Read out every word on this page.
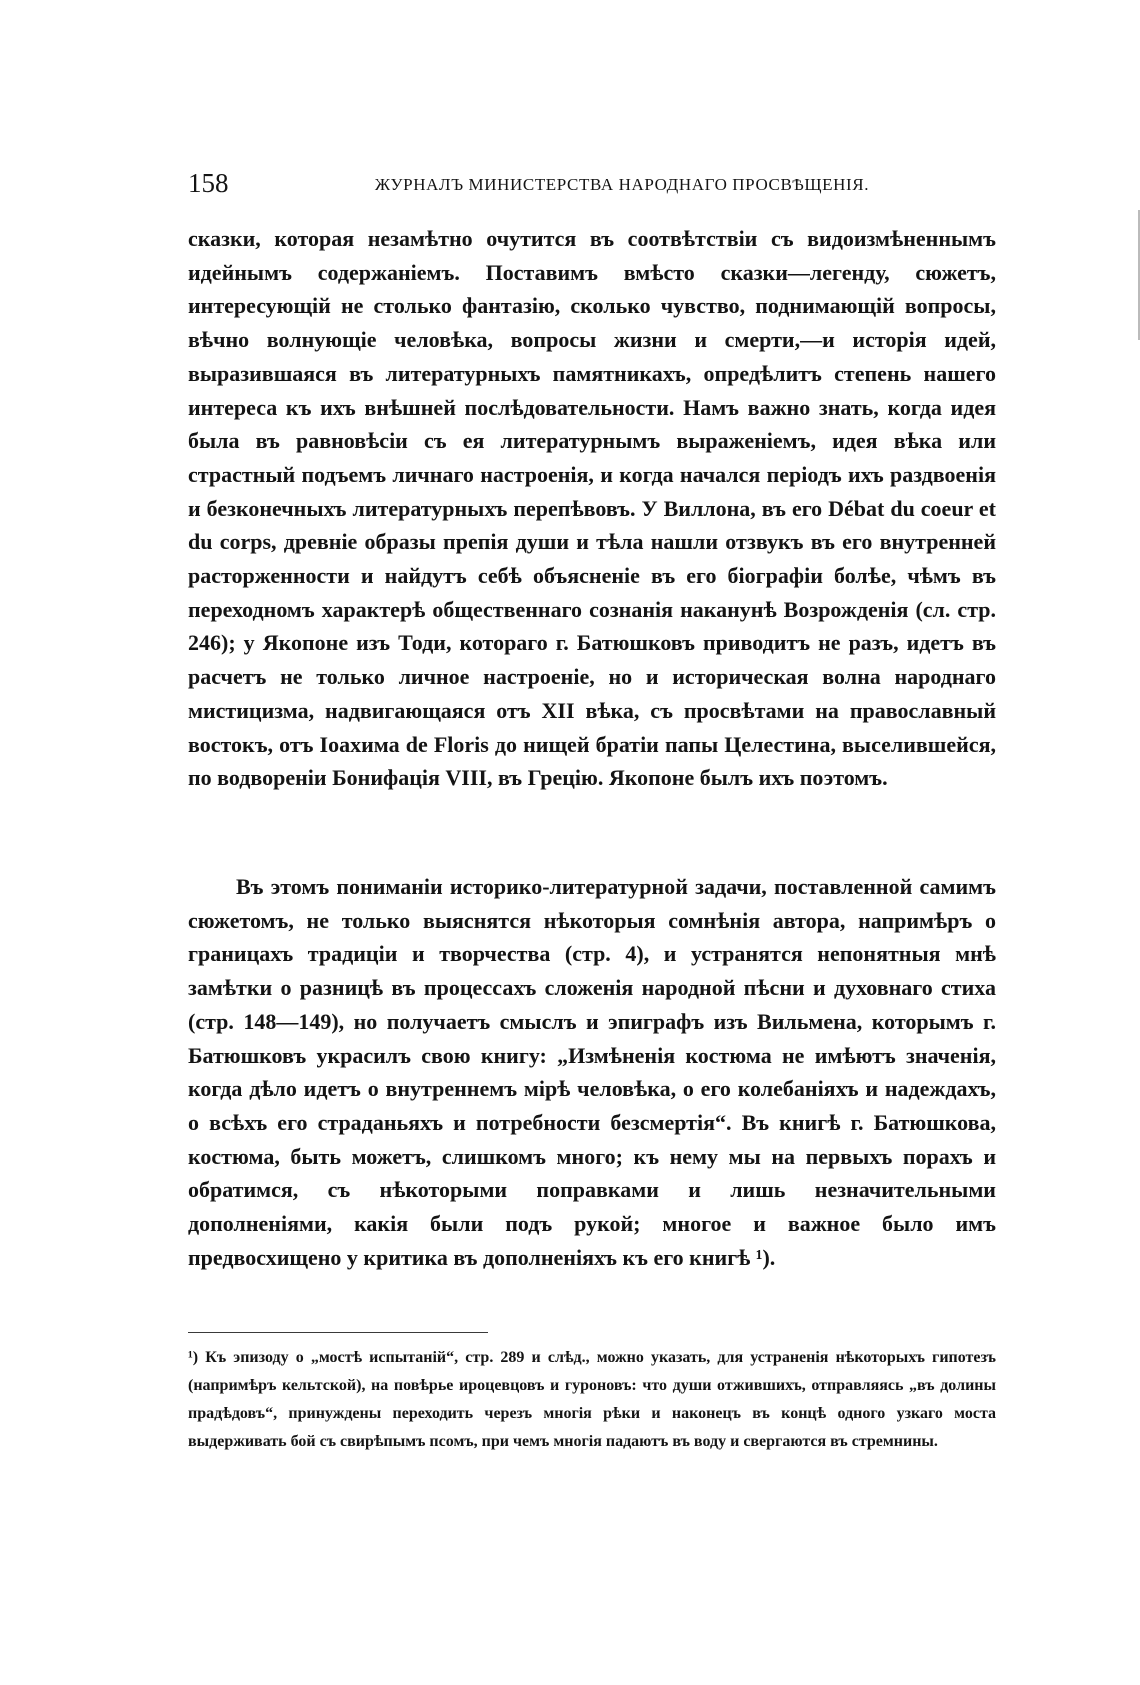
158	ЖУРНАЛЪ МИНИСТЕРСТВА НАРОДНАГО ПРОСВѢЩЕНІЯ.

сказки, которая незамѣтно очутится въ соотвѣтствіи съ видоизмѣненнымъ идейнымъ содержаніемъ. Поставимъ вмѣсто сказки—легенду, сюжетъ, интересующій не столько фантазію, сколько чувство, поднимающій вопросы, вѣчно волнующіе человѣка, вопросы жизни и смерти,—и исторія идей, выразившаяся въ литературныхъ памятникахъ, опредѣлитъ степень нашего интереса къ ихъ внѣшней послѣдовательности. Намъ важно знать, когда идея была въ равновѣсіи съ ея литературнымъ выраженіемъ, идея вѣка или страстный подъемъ личнаго настроенія, и когда начался періодъ ихъ раздвоенія и безконечныхъ литературныхъ перепѣвовъ. У Виллона, въ его Débat du coeur et du corps, древніе образы препія души и тѣла нашли отзвукъ въ его внутренней расторженности и найдутъ себѣ объясненіе въ его біографіи болѣе, чѣмъ въ переходномъ характерѣ общественнаго сознанія наканунѣ Возрожденія (сл. стр. 246); у Якопоне изъ Тоди, котораго г. Батюшковъ приводитъ не разъ, идетъ въ расчетъ не только личное настроеніе, но и историческая волна народнаго мистицизма, надвигающаяся отъ XII вѣка, съ просвѣтами на православный востокъ, отъ Іоахима de Floris до нищей братіи папы Целестина, выселившейся, по водвореніи Бонифація VIII, въ Грецію. Якопоне былъ ихъ поэтомъ.

Въ этомъ пониманіи историко-литературной задачи, поставленной самимъ сюжетомъ, не только выяснятся нѣкоторыя сомнѣнія автора, напримѣръ о границахъ традиціи и творчества (стр. 4), и устранятся непонятныя мнѣ замѣтки о разницѣ въ процессахъ сложенія народной пѣсни и духовнаго стиха (стр. 148—149), но получаетъ смыслъ и эпиграфъ изъ Вильмена, которымъ г. Батюшковъ украсилъ свою книгу: „Измѣненія костюма не имѣютъ значенія, когда дѣло идетъ о внутреннемъ мірѣ человѣка, о его колебаніяхъ и надеждахъ, о всѣхъ его страданьяхъ и потребности безсмертія“. Въ книгѣ г. Батюшкова, костюма, быть можетъ, слишкомъ много; къ нему мы на первыхъ порахъ и обратимся, съ нѣкоторыми поправками и лишь незначительными дополненіями, какія были подъ рукой; многое и важное было имъ предвосхищено у критика въ дополненіяхъ къ его книгѣ ¹).

¹) Къ эпизоду о „мостѣ испытаній“, стр. 289 и слѣд., можно указать, для устраненія нѣкоторыхъ гипотезъ (напримѣръ кельтской), на повѣрье ироцевцовъ и гуроновъ: что души отжившихъ, отправляясь „въ долины прадѣдовъ“, принуждены переходить черезъ многія рѣки и наконецъ въ концѣ одного узкаго моста выдерживать бой съ свирѣпымъ псомъ, при чемъ многія падаютъ въ воду и свергаются въ стремнины.
